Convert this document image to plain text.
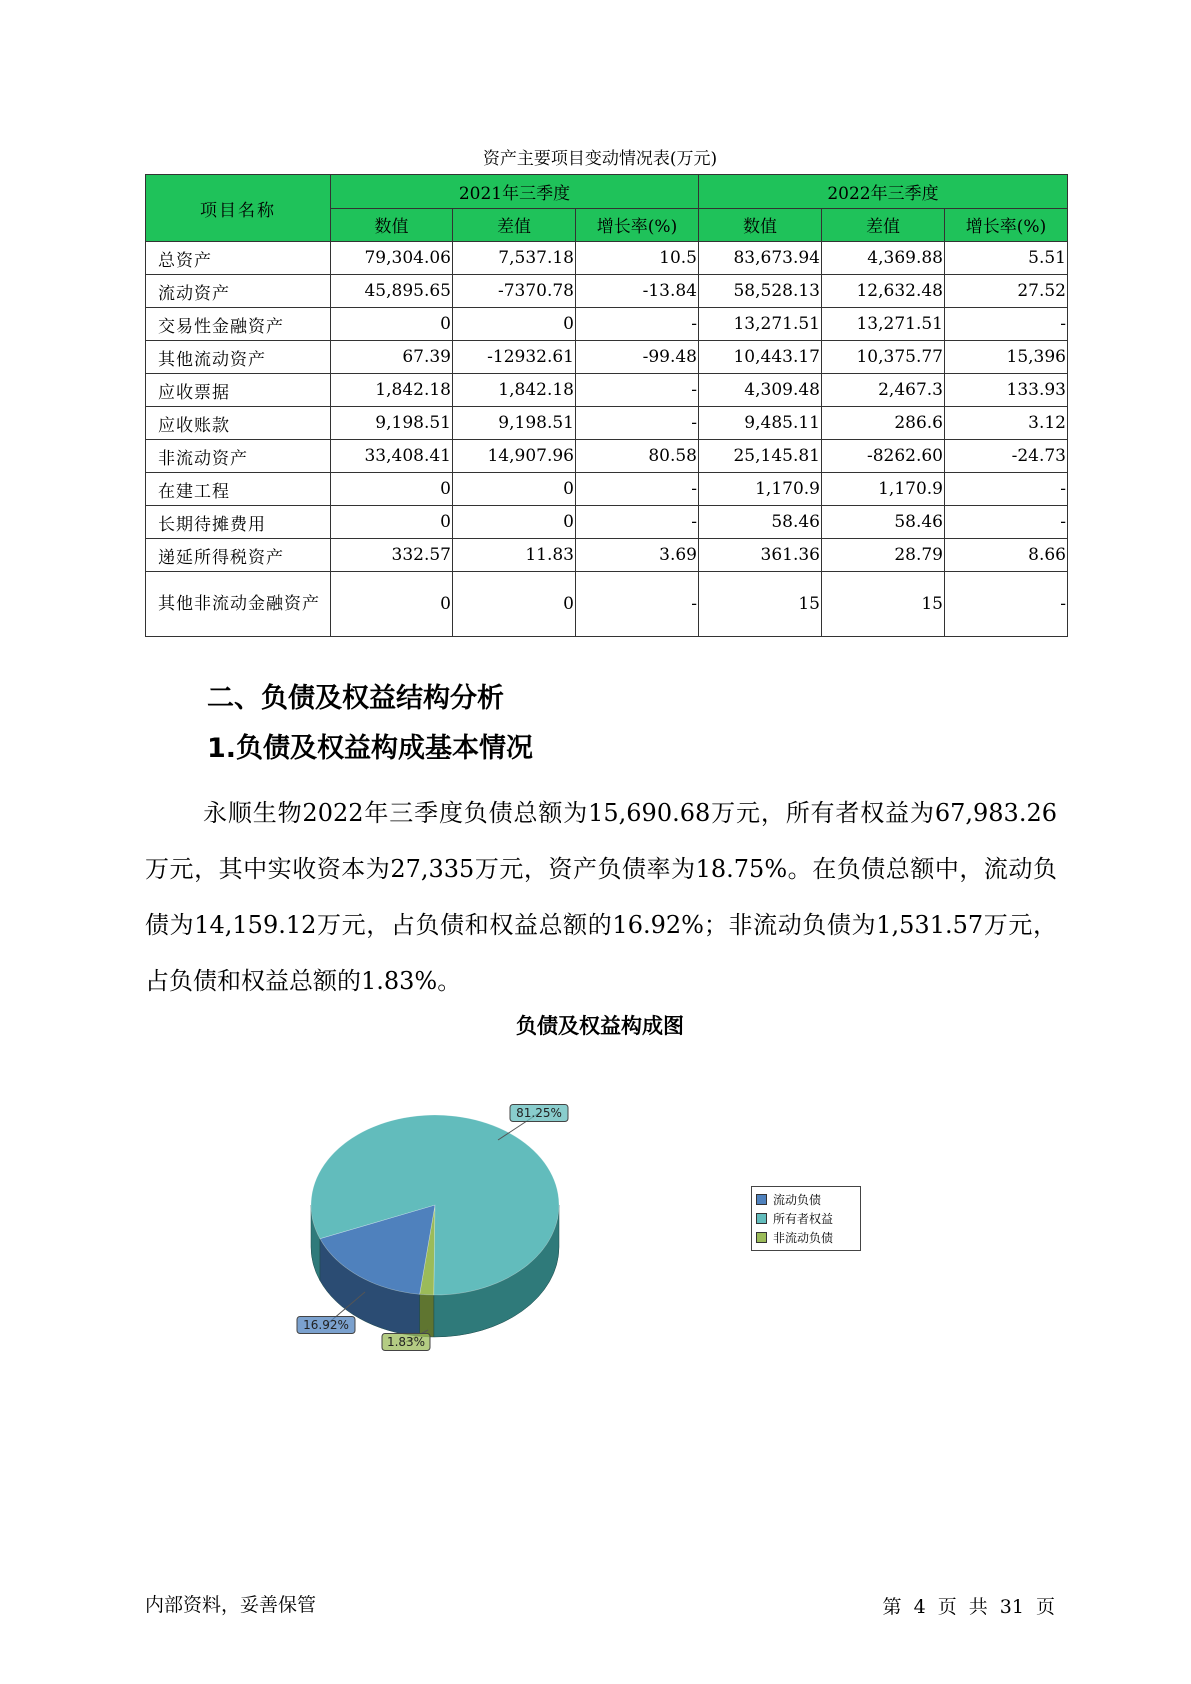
资产主要项目变动情况表(万元)
项目名称	2021年三季度			2022年三季度		
	数值	差值	增长率(%)	数值	差值	增长率(%)
总资产	79,304.06	7,537.18	10.5	83,673.94	4,369.88	5.51
流动资产	45,895.65	-7370.78	-13.84	58,528.13	12,632.48	27.52
交易性金融资产	0	0	-	13,271.51	13,271.51	-
其他流动资产	67.39	-12932.61	-99.48	10,443.17	10,375.77	15,396
应收票据	1,842.18	1,842.18	-	4,309.48	2,467.3	133.93
应收账款	9,198.51	9,198.51	-	9,485.11	286.6	3.12
非流动资产	33,408.41	14,907.96	80.58	25,145.81	-8262.60	-24.73
在建工程	0	0	-	1,170.9	1,170.9	-
长期待摊费用	0	0	-	58.46	58.46	-
递延所得税资产	332.57	11.83	3.69	361.36	28.79	8.66
其他非流动金融资产	0	0	-	15	15	-
二、负债及权益结构分析
1.负债及权益构成基本情况
永顺生物2022年三季度负债总额为15,690.68万元，所有者权益为67,983.26万元，其中实收资本为27,335万元，资产负债率为18.75%。在负债总额中，流动负债为14,159.12万元，占负债和权益总额的16.92%；非流动负债为1,531.57万元，占负债和权益总额的1.83%。
负债及权益构成图
16.92%
81.25%
1.83%
流动负债
所有者权益
非流动负债
内部资料，妥善保管	第 4 页 共 31 页
